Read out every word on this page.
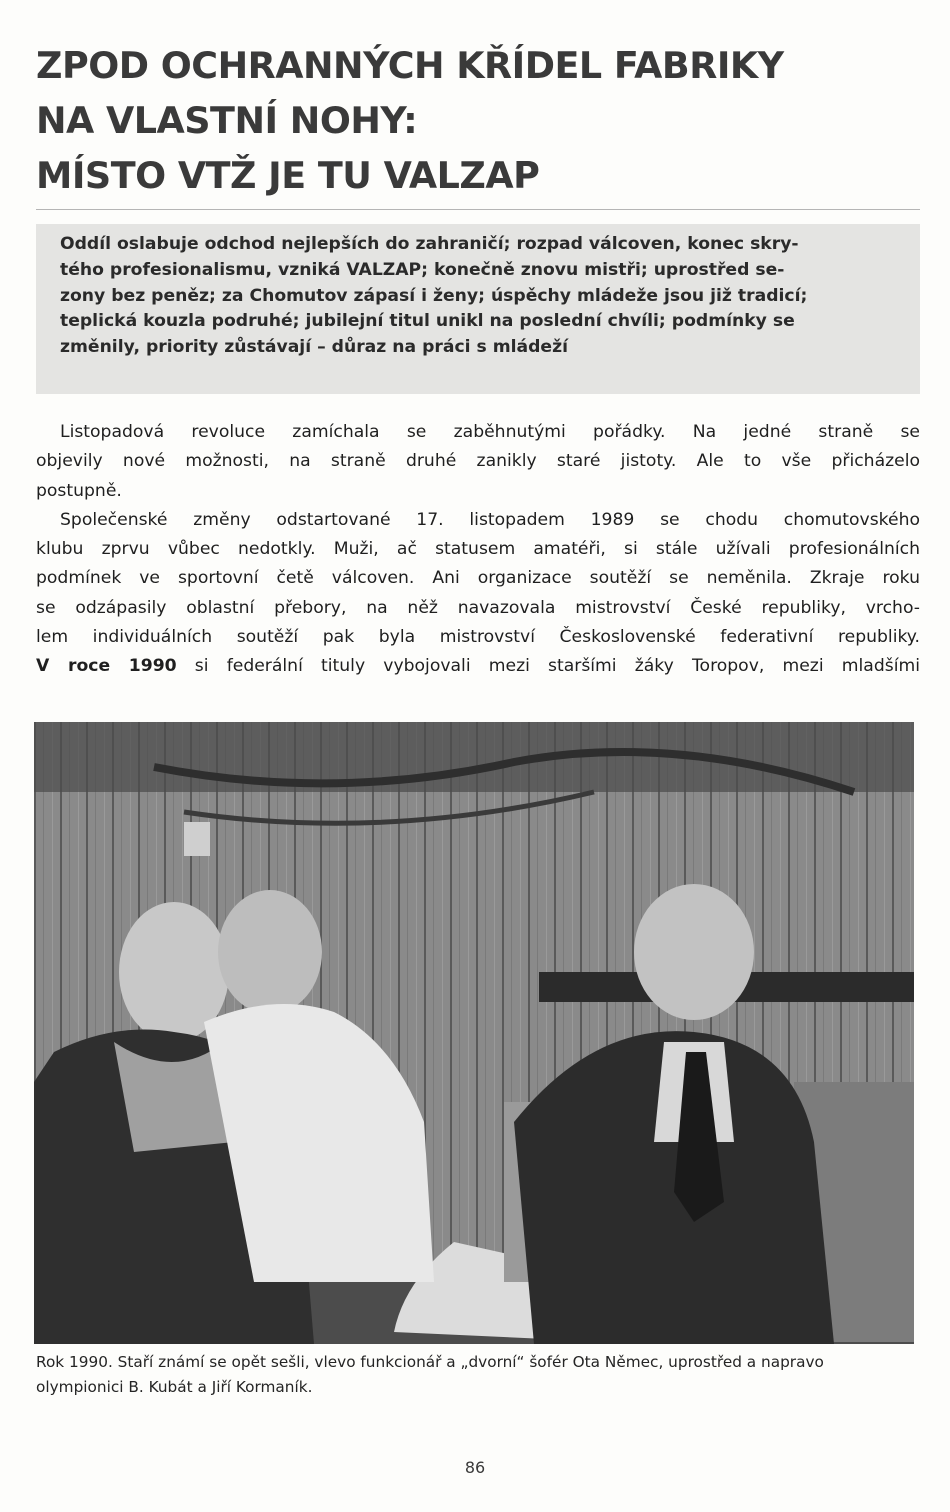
ZPOD OCHRANNÝCH KŘÍDEL FABRIKY
NA VLASTNÍ NOHY:
MÍSTO VTŽ JE TU VALZAP

Oddíl oslabuje odchod nejlepších do zahraničí; rozpad válcoven, konec skry-
tého profesionalismu, vzniká VALZAP; konečně znovu mistři; uprostřed se-
zony bez peněz; za Chomutov zápasí i ženy; úspěchy mládeže jsou již tradicí;
teplická kouzla podruhé; jubilejní titul unikl na poslední chvíli; podmínky se
změnily, priority zůstávají – důraz na práci s mládeží

Listopadová revoluce zamíchala se zaběhnutými pořádky. Na jedné straně se
objevily nové možnosti, na straně druhé zanikly staré jistoty. Ale to vše přicházelo
postupně.

Společenské změny odstartované 17. listopadem 1989 se chodu chomutovského
klubu zprvu vůbec nedotkly. Muži, ač statusem amatéři, si stále užívali profesionálních
podmínek ve sportovní četě válcoven. Ani organizace soutěží se neměnila. Zkraje roku
se odzápasily oblastní přebory, na něž navazovala mistrovství České republiky, vrcho-
lem individuálních soutěží pak byla mistrovství Československé federativní republiky.
V roce 1990 si federální tituly vybojovali mezi staršími žáky Toropov, mezi mladšími

Rok 1990. Staří známí se opět sešli, vlevo funkcionář a „dvorní“ šofér Ota Němec, uprostřed a napravo
olympionici B. Kubát a Jiří Kormaník.
86
